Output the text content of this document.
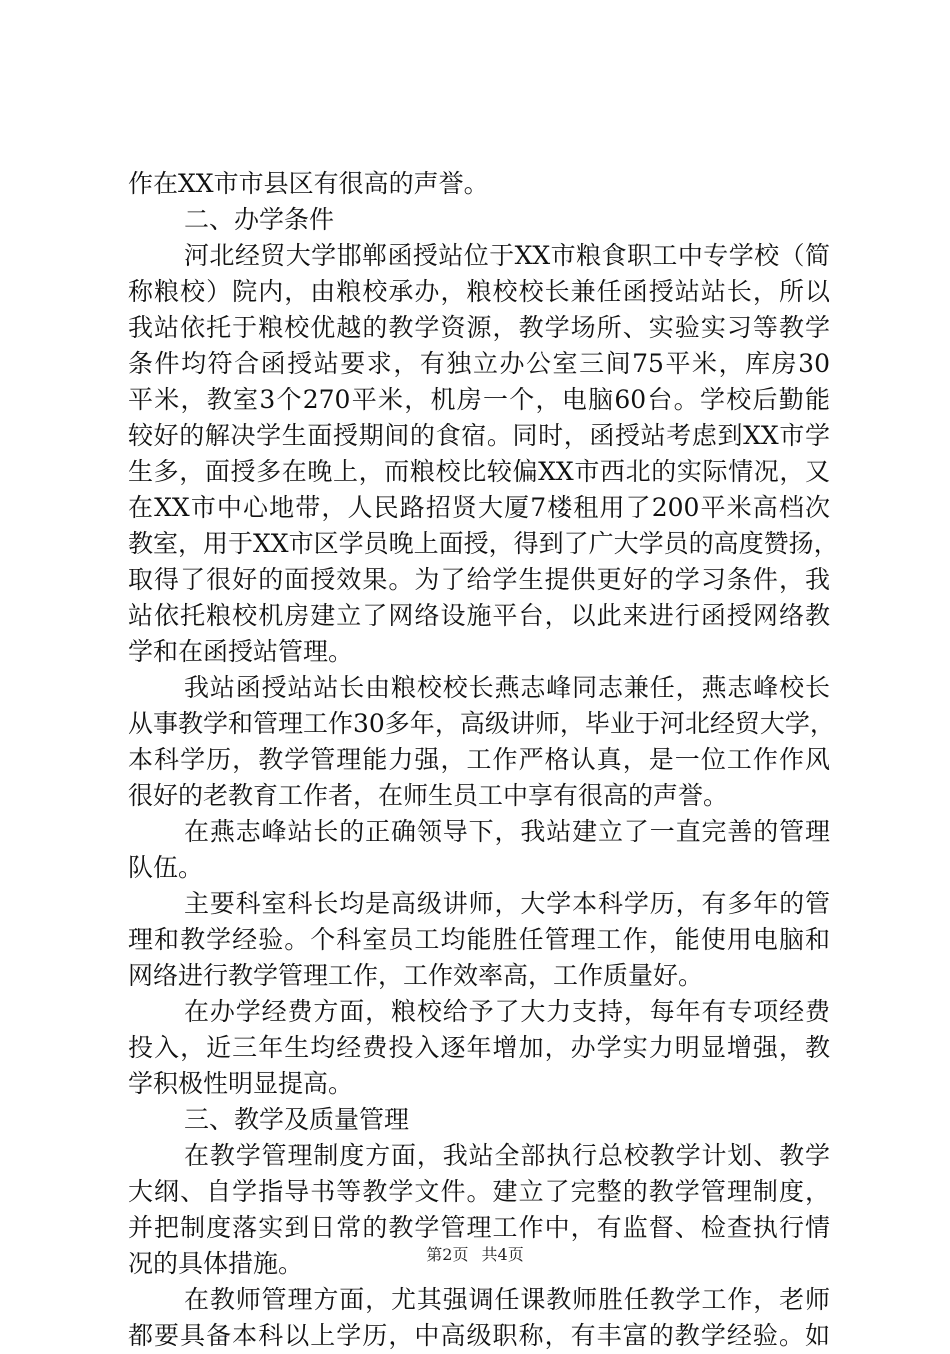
作在XX市市县区有很高的声誉。
二、办学条件
河北经贸大学邯郸函授站位于XX市粮食职工中专学校（简
称粮校）院内，由粮校承办，粮校校长兼任函授站站长，所以
我站依托于粮校优越的教学资源，教学场所、实验实习等教学
条件均符合函授站要求，有独立办公室三间75平米，库房30
平米，教室3个270平米，机房一个，电脑60台。学校后勤能
较好的解决学生面授期间的食宿。同时，函授站考虑到XX市学
生多，面授多在晚上，而粮校比较偏XX市西北的实际情况，又
在XX市中心地带，人民路招贤大厦7楼租用了200平米高档次
教室，用于XX市区学员晚上面授，得到了广大学员的高度赞扬，
取得了很好的面授效果。为了给学生提供更好的学习条件，我
站依托粮校机房建立了网络设施平台，以此来进行函授网络教
学和在函授站管理。
我站函授站站长由粮校校长燕志峰同志兼任，燕志峰校长
从事教学和管理工作30多年，高级讲师，毕业于河北经贸大学，
本科学历，教学管理能力强，工作严格认真，是一位工作作风
很好的老教育工作者，在师生员工中享有很高的声誉。
在燕志峰站长的正确领导下，我站建立了一直完善的管理
队伍。
主要科室科长均是高级讲师，大学本科学历，有多年的管
理和教学经验。个科室员工均能胜任管理工作，能使用电脑和
网络进行教学管理工作，工作效率高，工作质量好。
在办学经费方面，粮校给予了大力支持，每年有专项经费
投入，近三年生均经费投入逐年增加，办学实力明显增强，教
学积极性明显提高。
三、教学及质量管理
在教学管理制度方面，我站全部执行总校教学计划、教学
大纲、自学指导书等教学文件。建立了完整的教学管理制度，
并把制度落实到日常的教学管理工作中，有监督、检查执行情
况的具体措施。
在教师管理方面，尤其强调任课教师胜任教学工作，老师
都要具备本科以上学历，中高级职称，有丰富的教学经验。如
第2页 共4页
